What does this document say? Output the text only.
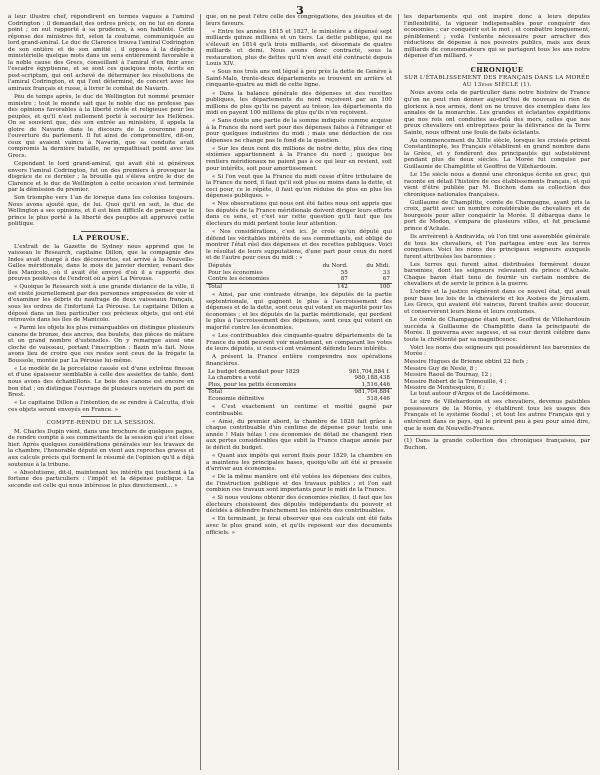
3

à leur illustre chef, répondirent en termes vagues à l'amiral Codrington : il demandait des ordres précis, on ne lui en donna point ; on eut rapporté à sa prudence, à son habileté. Cette réponse des ministres fut, selon la coutume, communiquée au lord grand-amiral. Le duc de Clarence trouva l'amiral Codrington de son entière et de son amitié ; il opposa à la dépêche ministérielle quelque mots dans un sens entièrement favorable à la noble cause des Grecs, conseillant à l'amiral d'en finir avec l'escadre égyptienne, et se sont ces quelques mots, écrits en post-scriptum, qui ont achevé de déterminer les résolutions de l'amiral Codrington, et qui l'ont déterminé, de concert avec les amiraux français et russe, à livrer le combat de Navarin.

Peu de temps après, le duc de Wellington fut nommé premier ministre ; tout le monde sait que le noble duc ne professe pas des opinions favorables à la liberté civile et religieuse pour les peuples, et qu'il n'est nullement porté à secourir les Hellènes. On se souvient que, dès son entrée au ministère, il appela la gloire de Navarin dans le discours de la couronne pour l'ouverture du parlement. Il fut ainsi de compromettre, dit-on, ceux qui avaient vaincu à Navarin, que sa conduite avait compromis la dernière bataille, ne sympathisait point avec les Grecs.

Cependant le lord grand-amiral, qui avait été si généreux envers l'amiral Codrington, fut un des premiers à provoquer la disgrâce de ce dernier ; la brouille qui s'éleva entre le duc de Clarence et le duc de Wellington à cette occasion s'est terminée par la démission du premier.

Son triomphe vers 1'an de lorsque dans les colonies toujours. Nous avons ajouté que, de lui. Quoi qu'il en soit, le duc de Wellington a ses opinions, et il est bien difficile de penser que le prince le plus porté à la liberté des peuples ait approuvé cette politique.

LA PÉROUSE.

L'extrait de la Gazette de Sydney nous apprend que le vaisseau le Research, capitaine Dillon, que la compagnie des Indes avait chargé à des découvertes, est arrivé à la Nouvelle-Galles méridionale, dans le mois de janvier dernier, venant des îles Manicolo, où il avait été envoyé d'où il a rapporté des preuves positives de l'endroit où a péri La Pérouse.

« Quoique le Research soit à une grande distance de la ville, il est visité journellement par des personnes empressées de voir et d'examiner les débris du naufrage de deux vaisseaux français, sous les ordres de l'infortuné La Pérouse. Le capitaine Dillon a déposé dans un lieu particulier ces précieux objets, qui ont été retrouvés dans les îles de Manicolo.

« Parmi les objets les plus remarquables on distingue plusieurs canons de bronze, des ancres, des boulets, des pièces de mâture et un grand nombre d'ustensiles. On y remarque aussi une cloche de vaisseau, portant l'inscription : Bazin m'a fait. Nous avons lieu de croire que ces restes sont ceux de la frégate la Boussole, montée par La Pérouse lui-même.

« Le modèle de la porcelaine cassée est d'une extrême finesse et d'une épaisseur semblable à celle des assiettes de table, dont nous avons des échantillons. Le bois des canons est encore en bon état ; on distingue l'ouvrage de plusieurs ouvriers du port de Brest.

« Le capitaine Dillon a l'intention de se rendre à Calcutta, d'où ces objets seront envoyés en France. »

COMPTE-RENDU DE LA SESSION.

M. Charles Dupin vient, dans une brochure de quelques pages, de rendre compte à ses commettants de la session qui s'est close hier. Après quelques considérations générales sur les travaux de la chambre, l'honorable député en vient aux reproches graves et aux calculs précis qui forment le résumé de l'opinion qu'il a déjà soutenue à la tribune.

« Absolutisme, dit-il, maintenant les intérêts qui touchent à la fortune des particuliers : l'impôt et la dépense publique. La seconde est celle qui nous intéresse le plus directement... »

que, on ne peut l'être celle des congrégations, des jésuites et de leurs faveurs.

« Entre les années 1815 et 1827, le ministère a dépensé sept milliards quinze millions et un tiers. La dette publique, qui ne s'élevait en 1814 qu'à trois milliards, est désormais de quatre milliards et demi. Nous avons donc contracté, sous la restauration, plus de dettes qu'il n'en avait été contracté depuis Louis XIV.

« Sous nos trois ans ont légué à peu près la dette de Genève à Saint-Malo, trente-deux départements se trouvent en arrière et cinquante-quatre au midi de cette ligne.

« Dans la balance générale des dépenses et des recettes publiques, les départements du nord reçoivent par an 100 millions de plus qu'ils ne payent au trésor, les départements du midi en payent 100 millions de plus qu'ils n'en reçoivent.

« Sans doute une partie de la somme indiquée comme acquise à la France du nord sert pour des dépenses faites à l'étranger et pour quelques industries du midi ; mais une déduction de ces dépenses ne change pas le fond de la question.

« Sur les deux cent dix millions de notre dette, plus des cinq sixièmes appartiennent à la France du nord ; quoique les rentiers méridionaux ne paient pas à ce qui leur en revient, soit pour intérêts, soit pour amortissement.

« Si l'on veut que la France du midi cesse d'être tributaire de la France du nord, il faut qu'il soit plus ou moins dans la dette, et ceci pour, ce le répète, il faut qu'on réduise de plus en plus les dépenses publiques. »

« Nos observations qui nous ont été faites nous ont appris que les députés de la France méridionale doivent diriger leurs efforts dans ce sens, et c'est sur cette question qu'il faut que les électeurs du midi portent toute leur attention.

« Nos considérations, c'est ici. Je crois qu'un député qui défend les véritables intérêts de ses commettants, est obligé de montrer l'état réel des dépenses et des recettes publiques. Voici le résultat de leurs supputations, d'une part pour ceux du nord et de l'autre pour ceux du midi : »

Députés	du Nord.	du Midi.
Pour les économies	55	33
Contre les économies	87	67
Total	142	100

« Ainsi, par une contraste étrange, les députés de la partie septentrionale, qui gagnent le plus à l'accroissement des dépenses et de la dette, sont ceux qui votent en majorité pour les économies ; et les députés de la partie méridionale, qui perdent le plus à l'accroissement des dépenses, sont ceux qui votent en majorité contre les économies.

« Les contribuables des cinquante-quatre départements de la France du midi peuvent voir maintenant, en comparant les votes de leurs députés, si ceux-ci ont vraiment défendu leurs intérêts.

A présent la France entière comprendra nos opérations financières.

Le budget demandait pour 1829	981,704,884 f.
La chambre a voté	980,188,438
Plus, pour les petits économies	1,516,446
Total	981,704,884
Economie définitive	518,446

« C'est exactement un centime et moitié gagné par contribuable.

« Ainsi, du premier abord, la chambre de 1828 fait grâce à chaque contribuable d'un centime de dépense pour toute une année ! Mais hélas ! ces économies de détail ne changent rien aux pertes considérables que subit la France chaque année par le déficit du budget.

« Quant aux impôts qui seront fixés pour 1829, la chambre en a maintenu les principales bases, quoiqu'elle ait été si pressée d'arriver aux économies.

« De la même manière ont été votées les dépenses des cultes, de l'instruction publique et des travaux publics ; et l'on sait combien ces travaux sont importants pour le midi de la France.

« Si nous voulons obtenir des économies réelles, il faut que les électeurs choisissent des députés indépendants du pouvoir et décidés à défendre franchement les intérêts des contribuables.

« En terminant, je ferai observer que ces calculs ont été faits avec le plus grand soin, et qu'ils reposent sur des documents officiels. »

les départements qui ont inspiré donc à leurs députés l'inflexibilité, la vigueur indispensables pour conquérir des économies ; car conquérir est le mot ; et combattre longuement, péniblement ; voilà l'entente nécessaire pour arracher des réductions de dépense à nos pouvoirs publics, mais aux deux milliards de consommateurs qui se partagent tous les ans notre dépense d'un milliard. »

CHRONIQUE
SUR L'ÉTABLISSEMENT DES FRANÇAIS DANS LA MORÉE AU 13ème SIÈCLE (1).

Nous avons cela de particulier dans notre histoire de France qu'on ne peut rien donner aujourd'hui de nouveau ni rien de glorieux à nos armes, dont on ne trouve des exemples dans les annales de la monarchie. Les grandes et éclatantes expéditions que nos rois ont conduites au-delà des mers, celles que nos preux chevaliers ont entreprises pour la délivrance de la Terre Sainte, nous offrent une foule de faits éclatants.

Au commencement du XIIIe siècle, lorsque les croisés prirent Constantinople, les Français s'établirent en grand nombre dans la Grèce, et y fondèrent des principautés qui subsistèrent pendant plus de deux siècles. La Morée fut conquise par Guillaume de Champlitte et Geoffroi de Villehardouin.

Le 15e siècle nous a donné une chronique écrite en grec, qui raconte en détail l'histoire de ces établissements français, et qui vient d'être publiée par M. Buchon dans sa collection des chroniques nationales françaises.

Guillaume de Champlitte, comte de Champagne, ayant pris la croix, partit avec un nombre considérable de chevaliers et de bourgeois pour aller conquérir la Morée. Il débarqua dans le port de Modon, s'empara de plusieurs villes, et fut proclamé prince d'Achaïe.

Ils arrivèrent à Andravida, où l'on tint une assemblée générale de tous les chevaliers, et l'on partagea entre eux les terres conquises. Voici les noms des principaux seigneurs auxquels furent attribuées les baronnies :

Les terres qui furent ainsi distribuées formèrent douze baronnies, dont les seigneurs relevaient du prince d'Achaïe. Chaque baron était tenu de fournir un certain nombre de chevaliers et de servir le prince à la guerre.

L'ordre et la justice régnèrent dans ce nouvel état, qui avait pour base les lois de la chevalerie et les Assises de Jérusalem. Les Grecs, qui avaient été vaincus, furent traités avec douceur, et conservèrent leurs biens et leurs coutumes.

Le comte de Champagne étant mort, Geoffroi de Villehardouin succéda à Guillaume de Champlitte dans la principauté de Morée. Il gouverna avec sagesse, et sa cour devint célèbre dans toute la chrétienté par sa magnificence.

Voici les noms des seigneurs qui possédèrent les baronnies de Morée :

Messire Hugues de Brienne obtint 22 fiefs ;
Messire Guy de Nesle, 8 ;
Messire Raoul de Tournay, 12 ;
Messire Robert de la Trémouille, 4 ;
Messire de Montesquiou, 6 ;

Le tout autour d'Argos et de Lacédémone.

Le sire de Villehardouin et ses chevaliers, devenus paisibles possesseurs de la Morée, y établirent tous les usages des Français et le système féodal ; et tout les autres Français qui y entrèrent dans ce pays, qui le prirent peu à peu pour ainsi dire, que le nom de Nouvelle-France.

(1) Dans la grande collection des chroniques françaises, par Buchon.
